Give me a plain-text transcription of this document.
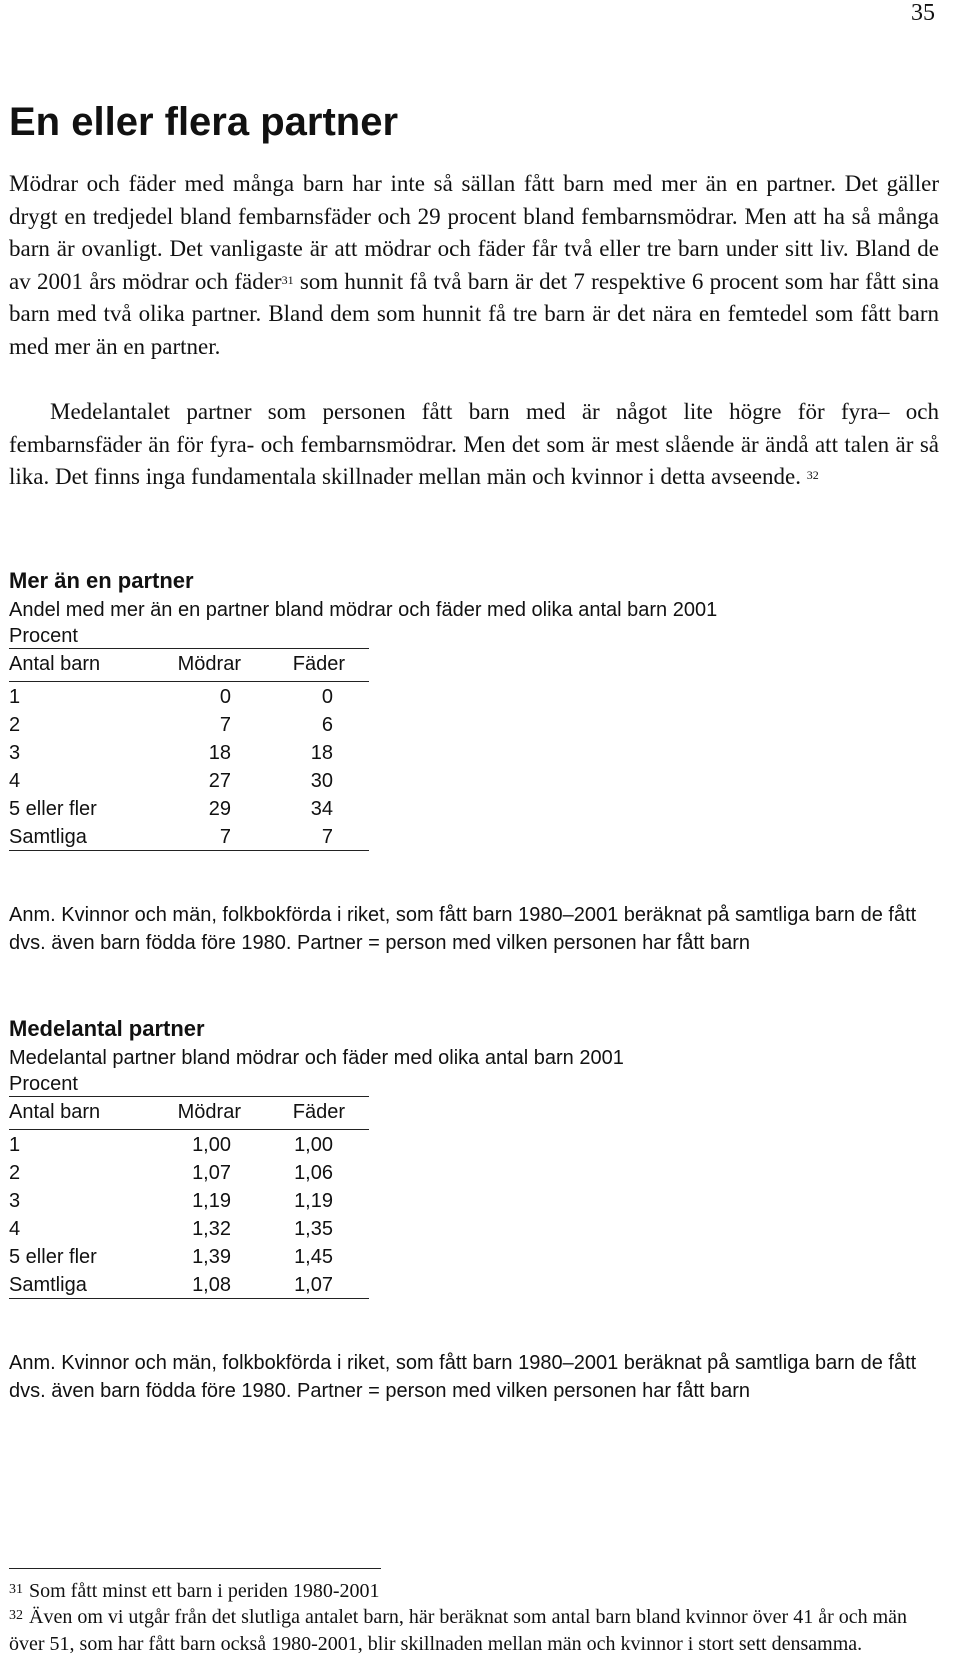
35
En eller flera partner

Mödrar och fäder med många barn har inte så sällan fått barn med mer än en partner. Det gäller drygt en tredjedel bland fembarnsfäder och 29 procent bland fembarnsmödrar. Men att ha så många barn är ovanligt. Det vanligaste är att mödrar och fäder får två eller tre barn under sitt liv. Bland de av 2001 års mödrar och fäder$^{31}$ som hunnit få två barn är det 7 respektive 6 procent som har fått sina barn med två olika partner. Bland dem som hunnit få tre barn är det nära en femtedel som fått barn med mer än en partner.

Medelantalet partner som personen fått barn med är något lite högre för fyra– och fembarnsfäder än för fyra- och fembarnsmödrar. Men det som är mest slående är ändå att talen är så lika. Det finns inga fundamentala skillnader mellan män och kvinnor i detta avseende. $^{32}$

Mer än en partner
Andel med mer än en partner bland mödrar och fäder med olika antal barn 2001
Procent
Antal barn	Mödrar	Fäder
1	0	0
2	7	6
3	18	18
4	27	30
5 eller fler	29	34
Samtliga	7	7

Anm. Kvinnor och män, folkbokförda i riket, som fått barn 1980–2001 beräknat på samtliga barn de fått dvs. även barn födda före 1980. Partner = person med vilken personen har fått barn

Medelantal partner
Medelantal partner bland mödrar och fäder med olika antal barn 2001
Procent
Antal barn	Mödrar	Fäder
1	1,00	1,00
2	1,07	1,06
3	1,19	1,19
4	1,32	1,35
5 eller fler	1,39	1,45
Samtliga	1,08	1,07

Anm. Kvinnor och män, folkbokförda i riket, som fått barn 1980–2001 beräknat på samtliga barn de fått dvs. även barn födda före 1980. Partner = person med vilken personen har fått barn

$^{31}$ Som fått minst ett barn i periden 1980-2001

$^{32}$ Även om vi utgår från det slutliga antalet barn, här beräknat som antal barn bland kvinnor över 41 år och män över 51, som har fått barn också 1980-2001, blir skillnaden mellan män och kvinnor i stort sett densamma.
